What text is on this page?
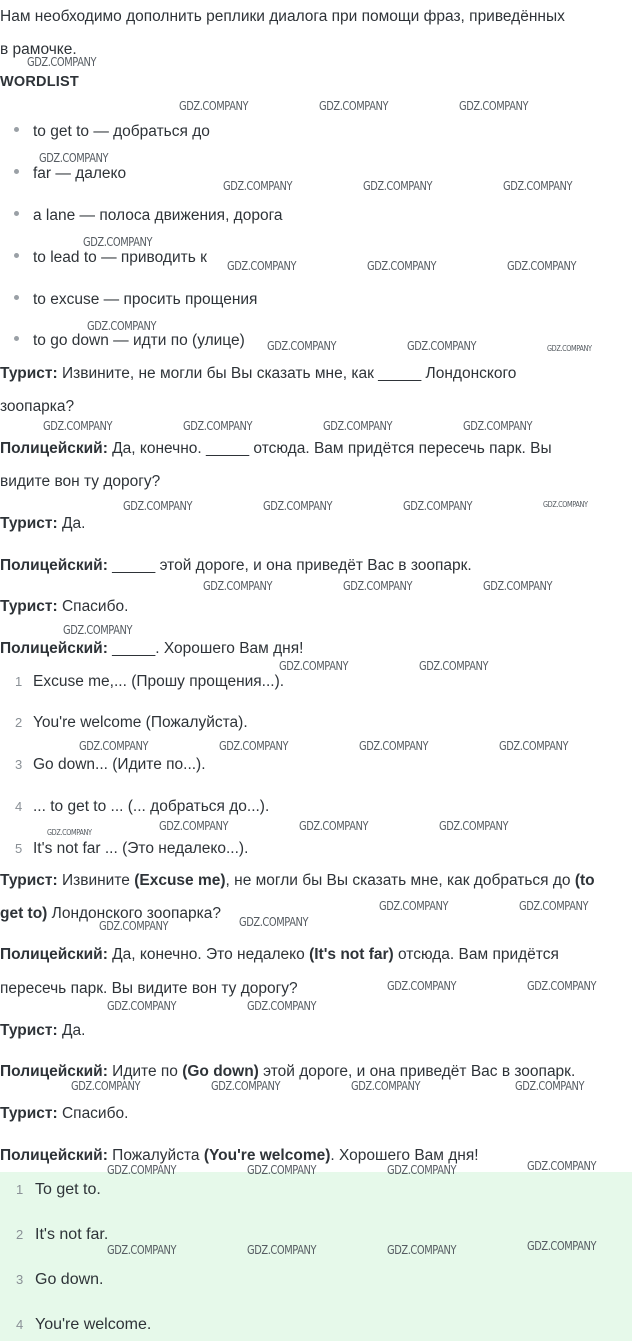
Нам необходимо дополнить реплики диалога при помощи фраз, приведённых
в рамочке.
WORDLIST
to get to — добраться до
far — далеко
a lane — полоса движения, дорога
to lead to — приводить к
to excuse — просить прощения
to go down — идти по (улице)
Турист: Извините, не могли бы Вы сказать мне, как _____ Лондонского
зоопарка?
Полицейский: Да, конечно. _____ отсюда. Вам придётся пересечь парк. Вы
видите вон ту дорогу?
Турист: Да.
Полицейский: _____ этой дороге, и она приведёт Вас в зоопарк.
Турист: Спасибо.
Полицейский: _____. Хорошего Вам дня!
1 Excuse me,... (Прошу прощения...).
2 You're welcome (Пожалуйста).
3 Go down... (Идите по...).
4 ... to get to ... (... добраться до...).
5 It's not far ... (Это недалеко...).
Турист: Извините (Excuse me), не могли бы Вы сказать мне, как добраться до (to
get to) Лондонского зоопарка?
Полицейский: Да, конечно. Это недалеко (It's not far) отсюда. Вам придётся
пересечь парк. Вы видите вон ту дорогу?
Турист: Да.
Полицейский: Идите по (Go down) этой дороге, и она приведёт Вас в зоопарк.
Турист: Спасибо.
Полицейский: Пожалуйста (You're welcome). Хорошего Вам дня!
1 To get to.
2 It's not far.
3 Go down.
4 You're welcome.
GDZ.COMPANY
GDZ.COMPANY	GDZ.COMPANY	GDZ.COMPANY
GDZ.COMPANY
GDZ.COMPANY	GDZ.COMPANY	GDZ.COMPANY
GDZ.COMPANY
GDZ.COMPANY	GDZ.COMPANY	GDZ.COMPANY
GDZ.COMPANY
GDZ.COMPANY	GDZ.COMPANY	GDZ.COMPANY
GDZ.COMPANY	GDZ.COMPANY	GDZ.COMPANY	GDZ.COMPANY
GDZ.COMPANY	GDZ.COMPANY	GDZ.COMPANY	GDZ.COMPANY
GDZ.COMPANY	GDZ.COMPANY	GDZ.COMPANY
GDZ.COMPANY
GDZ.COMPANY	GDZ.COMPANY
GDZ.COMPANY	GDZ.COMPANY	GDZ.COMPANY	GDZ.COMPANY
GDZ.COMPANY	GDZ.COMPANY	GDZ.COMPANY	GDZ.COMPANY
GDZ.COMPANY	GDZ.COMPANY
GDZ.COMPANY	GDZ.COMPANY
GDZ.COMPANY	GDZ.COMPANY
GDZ.COMPANY	GDZ.COMPANY
GDZ.COMPANY	GDZ.COMPANY	GDZ.COMPANY	GDZ.COMPANY
GDZ.COMPANY	GDZ.COMPANY	GDZ.COMPANY	GDZ.COMPANY
GDZ.COMPANY	GDZ.COMPANY	GDZ.COMPANY	GDZ.COMPANY
